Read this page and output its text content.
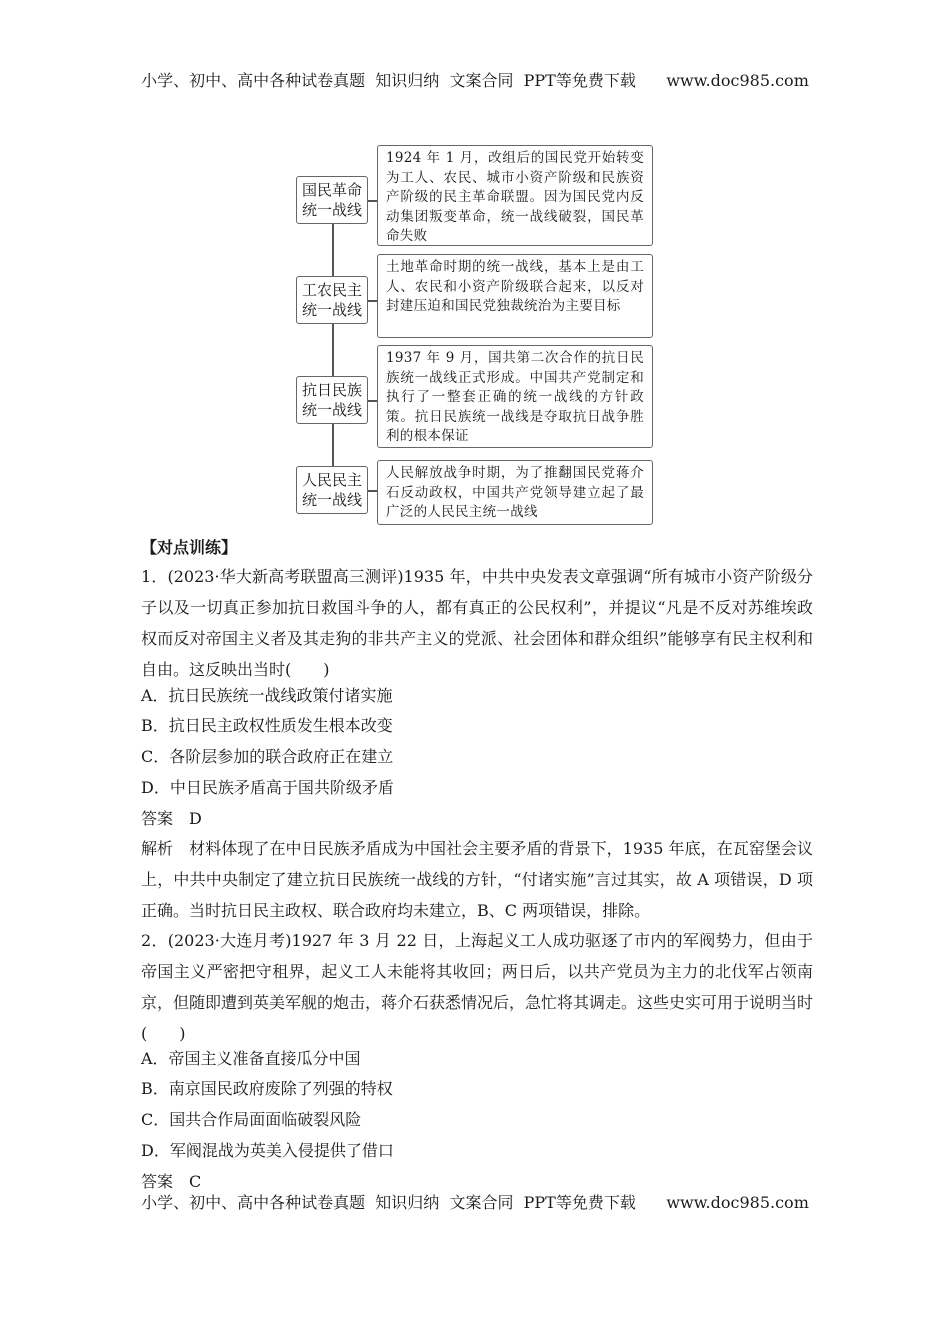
小学、初中、高中各种试卷真题  知识归纳  文案合同  PPT等免费下载      www.doc985.com
国民革命统一战线
1924 年 1 月，改组后的国民党开始转变为工人、农民、城市小资产阶级和民族资产阶级的民主革命联盟。因为国民党内反动集团叛变革命，统一战线破裂，国民革命失败
工农民主统一战线
土地革命时期的统一战线，基本上是由工人、农民和小资产阶级联合起来，以反对封建压迫和国民党独裁统治为主要目标
抗日民族统一战线
1937 年 9 月，国共第二次合作的抗日民族统一战线正式形成。中国共产党制定和执行了一整套正确的统一战线的方针政策。抗日民族统一战线是夺取抗日战争胜利的根本保证
人民民主统一战线
人民解放战争时期，为了推翻国民党蒋介石反动政权，中国共产党领导建立起了最广泛的人民民主统一战线
【对点训练】
1．(2023·华大新高考联盟高三测评)1935 年，中共中央发表文章强调“所有城市小资产阶级分子以及一切真正参加抗日救国斗争的人，都有真正的公民权利”，并提议“凡是不反对苏维埃政权而反对帝国主义者及其走狗的非共产主义的党派、社会团体和群众组织”能够享有民主权利和自由。这反映出当时(　　)
A．抗日民族统一战线政策付诸实施
B．抗日民主政权性质发生根本改变
C．各阶层参加的联合政府正在建立
D．中日民族矛盾高于国共阶级矛盾
答案　D
解析　材料体现了在中日民族矛盾成为中国社会主要矛盾的背景下，1935 年底，在瓦窑堡会议上，中共中央制定了建立抗日民族统一战线的方针，“付诸实施”言过其实，故 A 项错误，D 项正确。当时抗日民主政权、联合政府均未建立，B、C 两项错误，排除。
2．(2023·大连月考)1927 年 3 月 22 日，上海起义工人成功驱逐了市内的军阀势力，但由于帝国主义严密把守租界，起义工人未能将其收回；两日后，以共产党员为主力的北伐军占领南京，但随即遭到英美军舰的炮击，蒋介石获悉情况后，急忙将其调走。这些史实可用于说明当时(　　)
A．帝国主义准备直接瓜分中国
B．南京国民政府废除了列强的特权
C．国共合作局面面临破裂风险
D．军阀混战为英美入侵提供了借口
答案　C
小学、初中、高中各种试卷真题  知识归纳  文案合同  PPT等免费下载      www.doc985.com
